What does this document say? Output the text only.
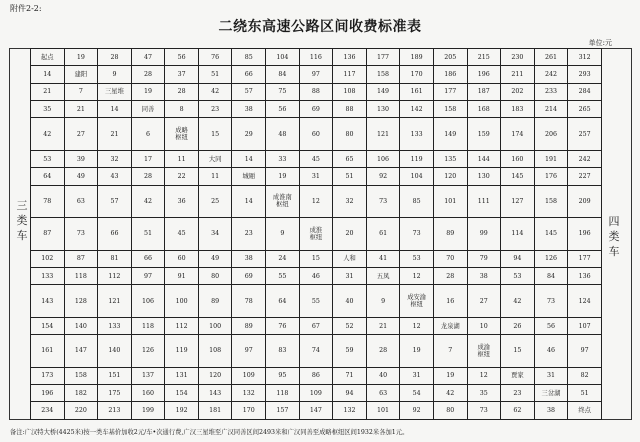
附件2-2:
二绕东高速公路区间收费标准表
单位:元
三
类
车
四
类
车
起点	19	28	47	56	76	85	104	116	136	177	189	205	215	230	261	312
14	建阳	9	28	37	51	66	84	97	117	158	170	186	196	211	242	293
21	7	三星堆	19	28	42	57	75	88	108	149	161	177	187	202	233	284
35	21	14	同善	8	23	38	56	69	88	130	142	158	168	183	214	265
42	27	21	6	成略
枢纽	15	29	48	60	80	121	133	149	159	174	206	257
53	39	32	17	11	大同	14	33	45	65	106	119	135	144	160	191	242
64	49	43	28	22	11	城厢	19	31	51	92	104	120	130	145	176	227
78	63	57	42	36	25	14	成淮南
枢纽	12	32	73	85	101	111	127	158	209
87	73	66	51	45	34	23	9	成淮
枢纽	20	61	73	89	99	114	145	196
102	87	81	66	60	49	38	24	15	人和	41	53	70	79	94	126	177
133	118	112	97	91	80	69	55	46	31	五凤	12	28	38	53	84	136
143	128	121	106	100	89	78	64	55	40	9	成安渝
枢纽	16	27	42	73	124
154	140	133	118	112	100	89	76	67	52	21	12	龙泉湖	10	26	56	107
161	147	140	126	119	108	97	83	74	59	28	19	7	成渝
枢纽	15	46	97
173	158	151	137	131	120	109	95	86	71	40	31	19	12	贾家	31	82
196	182	175	160	154	143	132	118	109	94	63	54	42	35	23	三岔湖	51
234	220	213	199	192	181	170	157	147	132	101	92	80	73	62	38	终点
备注:广汉特大桥(4425米)按一类车基价加收2元/车•次通行费,广汉三星堆至广汉同善区间2493米和广汉同善至成略枢纽区间1932米各加1元。
